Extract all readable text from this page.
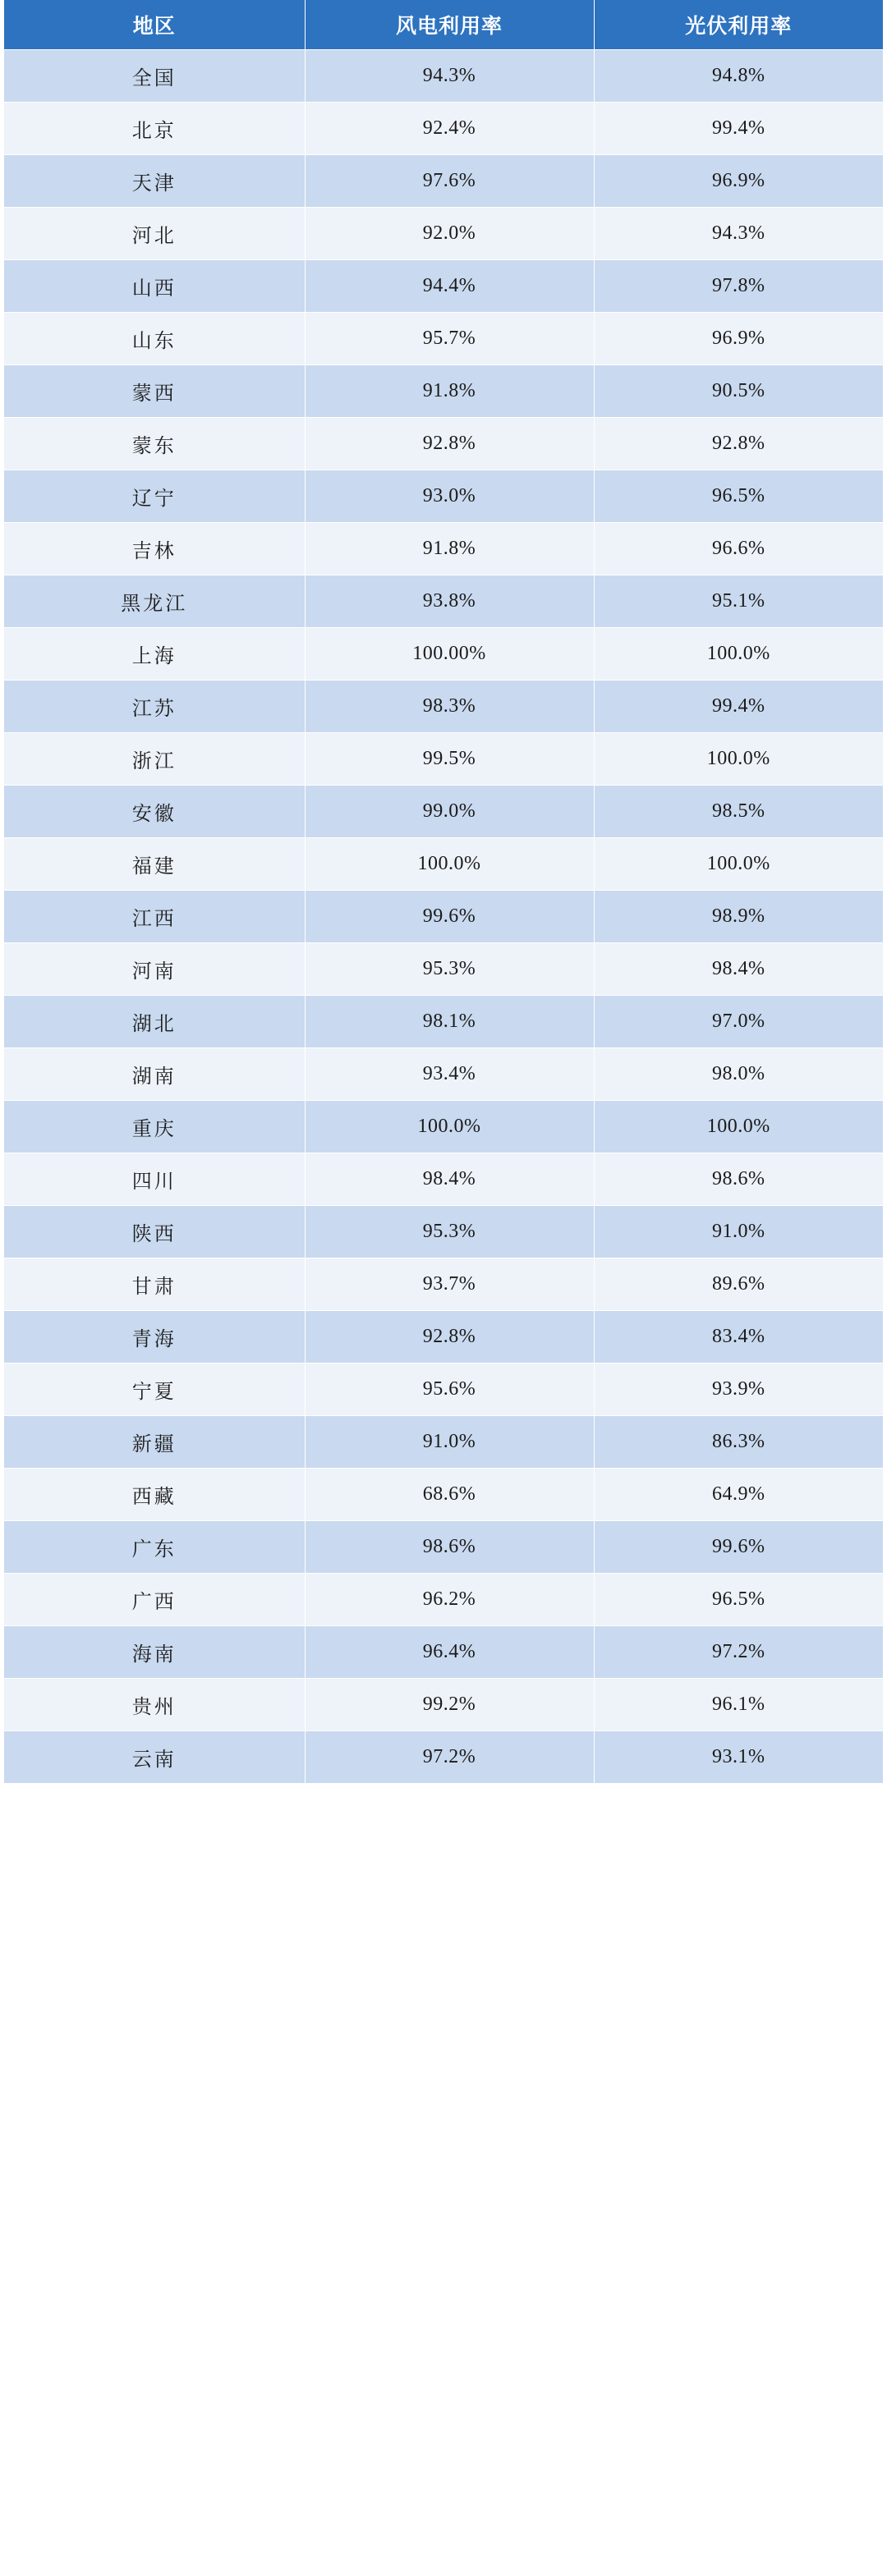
地区	风电利用率	光伏利用率
全国	94.3%	94.8%
北京	92.4%	99.4%
天津	97.6%	96.9%
河北	92.0%	94.3%
山西	94.4%	97.8%
山东	95.7%	96.9%
蒙西	91.8%	90.5%
蒙东	92.8%	92.8%
辽宁	93.0%	96.5%
吉林	91.8%	96.6%
黑龙江	93.8%	95.1%
上海	100.00%	100.0%
江苏	98.3%	99.4%
浙江	99.5%	100.0%
安徽	99.0%	98.5%
福建	100.0%	100.0%
江西	99.6%	98.9%
河南	95.3%	98.4%
湖北	98.1%	97.0%
湖南	93.4%	98.0%
重庆	100.0%	100.0%
四川	98.4%	98.6%
陕西	95.3%	91.0%
甘肃	93.7%	89.6%
青海	92.8%	83.4%
宁夏	95.6%	93.9%
新疆	91.0%	86.3%
西藏	68.6%	64.9%
广东	98.6%	99.6%
广西	96.2%	96.5%
海南	96.4%	97.2%
贵州	99.2%	96.1%
云南	97.2%	93.1%
